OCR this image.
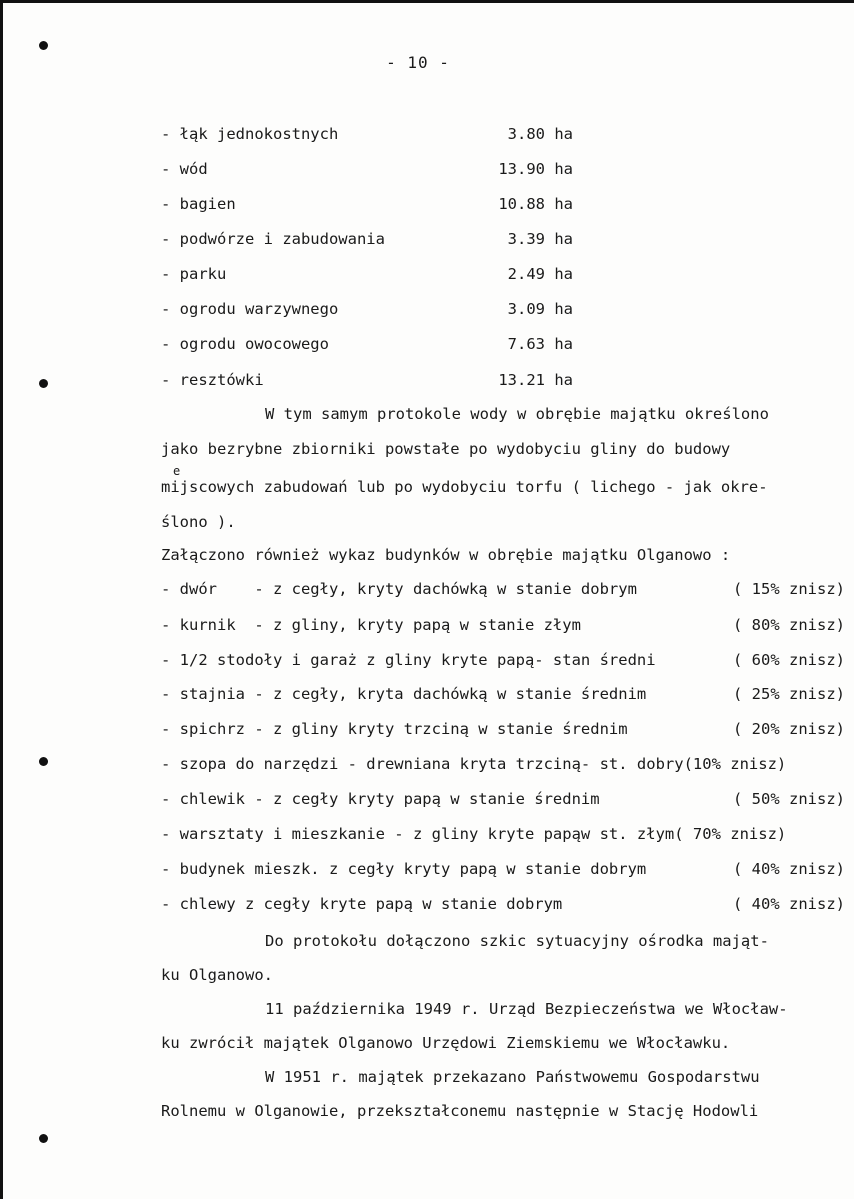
- 10 -
- łąk jednokostnych	3.80 ha
- wód	13.90 ha
- bagien	10.88 ha
- podwórze i zabudowania	3.39 ha
- parku	2.49 ha
- ogrodu warzywnego	3.09 ha
- ogrodu owocowego	7.63 ha
- resztówki	13.21 ha
W tym samym protokole wody w obrębie majątku określono
jako bezrybne zbiorniki powstałe po wydobyciu gliny do budowy
e
mijscowych zabudowań lub po wydobyciu torfu ( lichego - jak okre-
ślono ).
Załączono również wykaz budynków w obrębie majątku Olganowo :
- dwór    - z cegły, kryty dachówką w stanie dobrym	( 15% znisz)
- kurnik  - z gliny, kryty papą w stanie złym	( 80% znisz)
- 1/2 stodoły i garaż z gliny kryte papą- stan średni	( 60% znisz)
- stajnia - z cegły, kryta dachówką w stanie średnim	( 25% znisz)
- spichrz - z gliny kryty trzciną w stanie średnim	( 20% znisz)
- szopa do narzędzi - drewniana kryta trzciną- st. dobry(10% znisz)
- chlewik - z cegły kryty papą w stanie średnim	( 50% znisz)
- warsztaty i mieszkanie - z gliny kryte papąw st. złym( 70% znisz)
- budynek mieszk. z cegły kryty papą w stanie dobrym	( 40% znisz)
- chlewy z cegły kryte papą w stanie dobrym	( 40% znisz)
Do protokołu dołączono szkic sytuacyjny ośrodka mająt-
ku Olganowo.
11 października 1949 r. Urząd Bezpieczeństwa we Włocław-
ku zwrócił majątek Olganowo Urzędowi Ziemskiemu we Włocławku.
W 1951 r. majątek przekazano Państwowemu Gospodarstwu
Rolnemu w Olganowie, przekształconemu następnie w Stację Hodowli
